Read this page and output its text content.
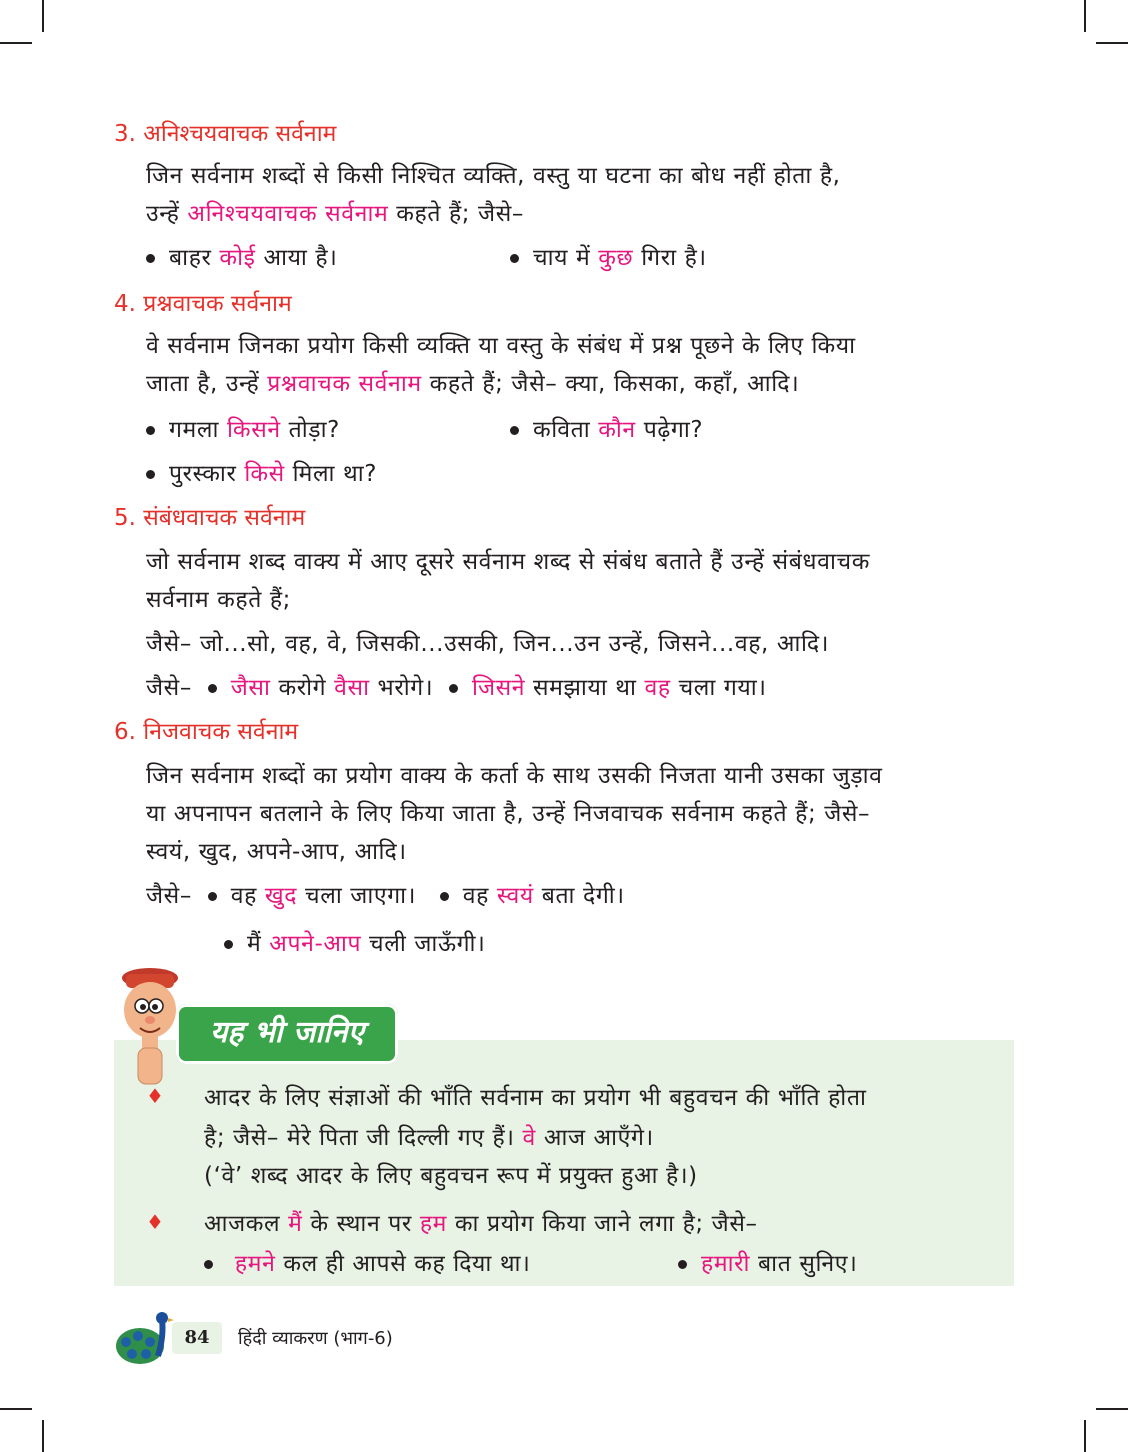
3. अनिश्चयवाचक सर्वनाम
जिन सर्वनाम शब्दों से किसी निश्चित व्यक्ति, वस्तु या घटना का बोध नहीं होता है,
उन्हें अनिश्चयवाचक सर्वनाम कहते हैं; जैसे–
बाहर कोई आया है।	चाय में कुछ गिरा है।
4. प्रश्नवाचक सर्वनाम
वे सर्वनाम जिनका प्रयोग किसी व्यक्ति या वस्तु के संबंध में प्रश्न पूछने के लिए किया
जाता है, उन्हें प्रश्नवाचक सर्वनाम कहते हैं; जैसे– क्या, किसका, कहाँ, आदि।
गमला किसने तोड़ा?	कविता कौन पढ़ेगा?
पुरस्कार किसे मिला था?
5. संबंधवाचक सर्वनाम
जो सर्वनाम शब्द वाक्य में आए दूसरे सर्वनाम शब्द से संबंध बताते हैं उन्हें संबंधवाचक
सर्वनाम कहते हैं;
जैसे– जो...सो, वह, वे, जिसकी...उसकी, जिन...उन उन्हें, जिसने...वह, आदि।
जैसे– जैसा करोगे वैसा भरोगे। जिसने समझाया था वह चला गया।
6. निजवाचक सर्वनाम
जिन सर्वनाम शब्दों का प्रयोग वाक्य के कर्ता के साथ उसकी निजता यानी उसका जुड़ाव
या अपनापन बतलाने के लिए किया जाता है, उन्हें निजवाचक सर्वनाम कहते हैं; जैसे–
स्वयं, खुद, अपने-आप, आदि।
जैसे– वह खुद चला जाएगा। वह स्वयं बता देगी।
मैं अपने-आप चली जाऊँगी।
यह भी जानिए
♦ आदर के लिए संज्ञाओं की भाँति सर्वनाम का प्रयोग भी बहुवचन की भाँति होता
है; जैसे– मेरे पिता जी दिल्ली गए हैं। वे आज आएँगे।
(‘वे’ शब्द आदर के लिए बहुवचन रूप में प्रयुक्त हुआ है।)
♦ आजकल मैं के स्थान पर हम का प्रयोग किया जाने लगा है; जैसे–
हमने कल ही आपसे कह दिया था।	हमारी बात सुनिए।
84	हिंदी व्याकरण (भाग-6)
